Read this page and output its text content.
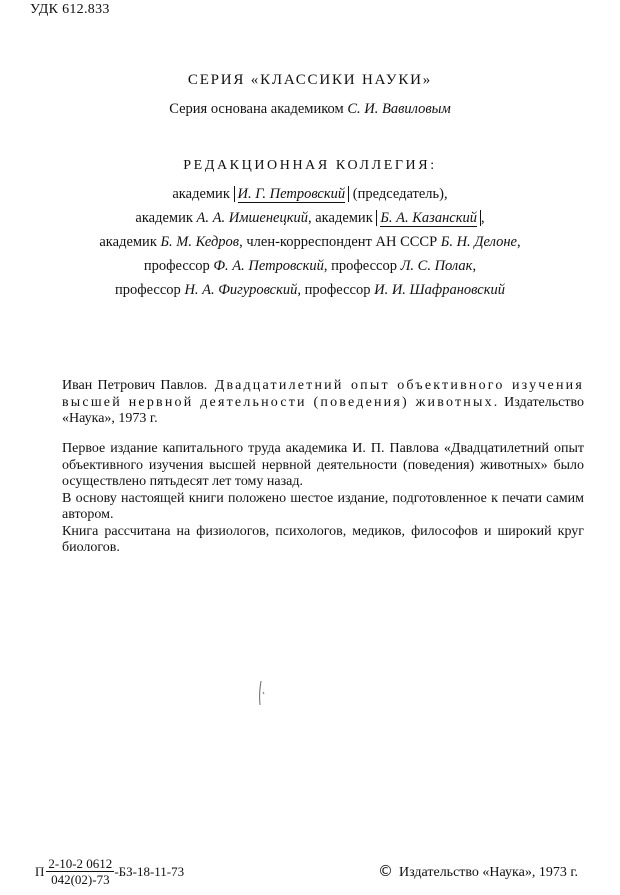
УДК 612.833
СЕРИЯ «КЛАССИКИ НАУКИ»
Серия основана академиком С. И. Вавиловым
РЕДАКЦИОННАЯ КОЛЛЕГИЯ:
академик И. Г. Петровский (председатель),
академик А. А. Имшенецкий, академик Б. А. Казанский ,
академик Б. М. Кедров, член-корреспондент АН СССР Б. Н. Делоне,
профессор Ф. А. Петровский, профессор Л. С. Полак,
профессор Н. А. Фигуровский, профессор И. И. Шафрановский
Иван Петрович Павлов. Двадцатилетний опыт объективного изучения высшей нервной деятельности (поведения) животных. Издательство «Наука», 1973 г.

Первое издание капитального труда академика И. П. Павлова «Двадцатилетний опыт объективного изучения высшей нервной деятельности (поведения) животных» было осуществлено пятьдесят лет тому назад.

В основу настоящей книги положено шестое издание, подготовленное к печати самим автором.

Книга рассчитана на физиологов, психологов, медиков, философов и широкий круг биологов.

П $\frac{2-10-2 0612}{042(02)-73} -БЗ-18-11-73$	© Издательство «Наука», 1973 г.
